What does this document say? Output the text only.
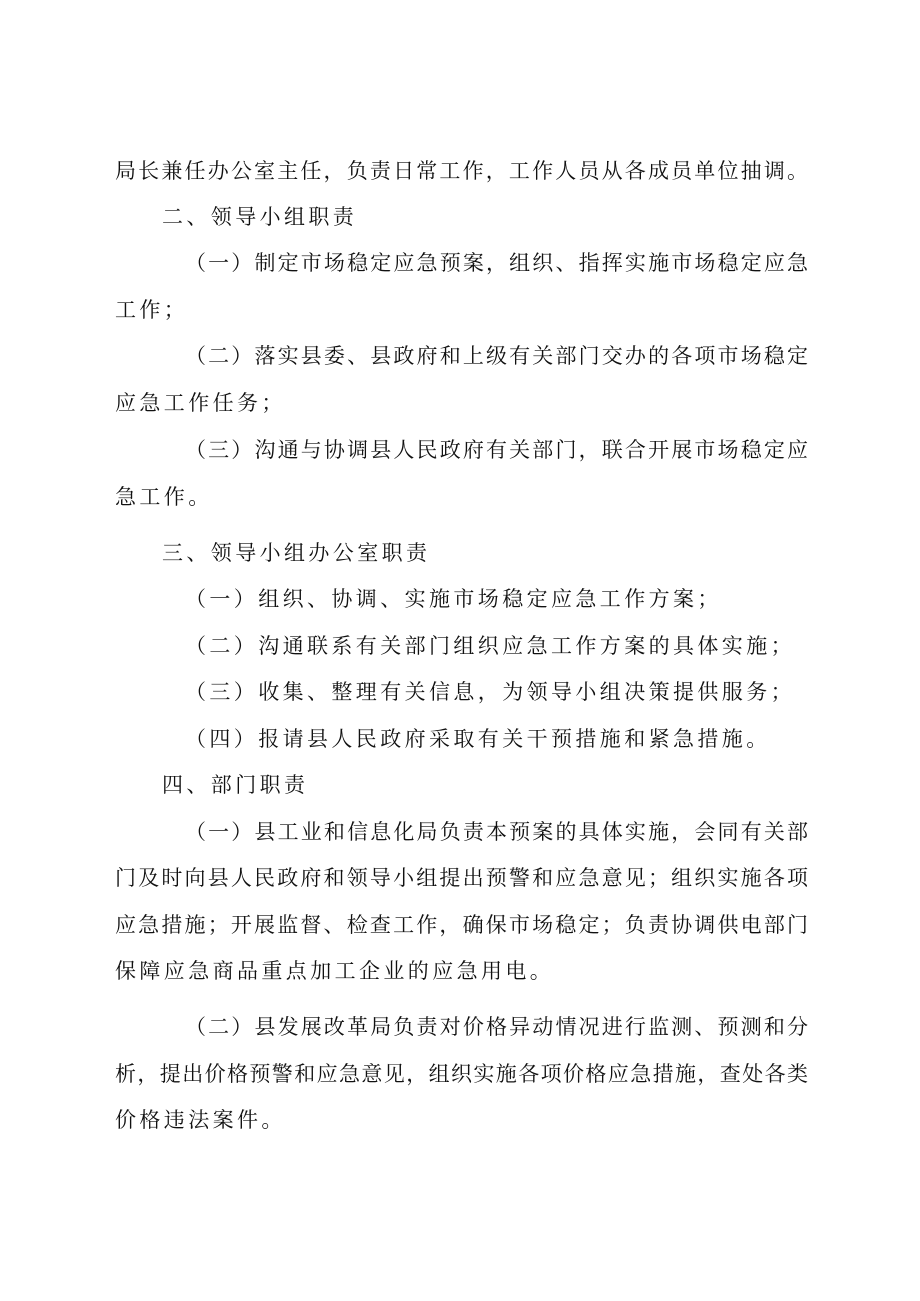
局长兼任办公室主任，负责日常工作，工作人员从各成员单位抽调。
二、领导小组职责
（一）制定市场稳定应急预案，组织、指挥实施市场稳定应急
工作；
（二）落实县委、县政府和上级有关部门交办的各项市场稳定
应急工作任务；
（三）沟通与协调县人民政府有关部门，联合开展市场稳定应
急工作。
三、领导小组办公室职责
（一）组织、协调、实施市场稳定应急工作方案；
（二）沟通联系有关部门组织应急工作方案的具体实施；
（三）收集、整理有关信息，为领导小组决策提供服务；
（四）报请县人民政府采取有关干预措施和紧急措施。
四、部门职责
（一）县工业和信息化局负责本预案的具体实施，会同有关部
门及时向县人民政府和领导小组提出预警和应急意见；组织实施各项
应急措施；开展监督、检查工作，确保市场稳定；负责协调供电部门
保障应急商品重点加工企业的应急用电。
（二）县发展改革局负责对价格异动情况进行监测、预测和分
析，提出价格预警和应急意见，组织实施各项价格应急措施，查处各类
价格违法案件。
